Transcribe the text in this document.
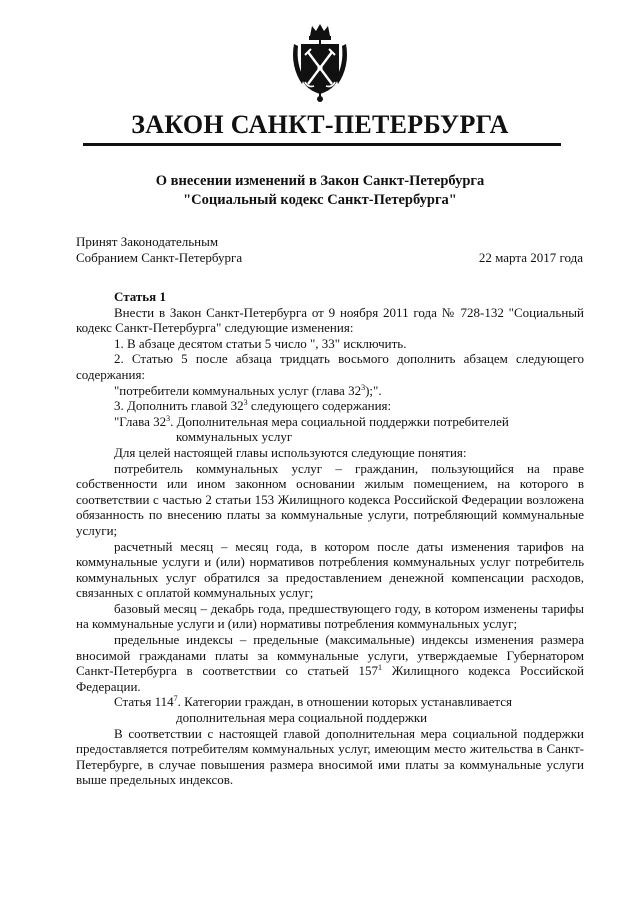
ЗАКОН САНКТ-ПЕТЕРБУРГА
О внесении изменений в Закон Санкт-Петербурга
"Социальный кодекс Санкт-Петербурга"
Принят Законодательным
Собранием Санкт-Петербурга	22 марта 2017 года

Статья 1

Внести в Закон Санкт-Петербурга от 9 ноября 2011 года № 728-132 "Социальный кодекс Санкт-Петербурга" следующие изменения:

1. В абзаце десятом статьи 5 число ", 33" исключить.

2. Статью 5 после абзаца тридцать восьмого дополнить абзацем следующего содержания:

"потребители коммунальных услуг (глава $32^3$);".

3. Дополнить главой $32^3$ следующего содержания:

"Глава $32^3$. Дополнительная мера социальной поддержки потребителей

коммунальных услуг

Для целей настоящей главы используются следующие понятия:

потребитель коммунальных услуг – гражданин, пользующийся на праве собственности или ином законном основании жилым помещением, на которого в соответствии с частью 2 статьи 153 Жилищного кодекса Российской Федерации возложена обязанность по внесению платы за коммунальные услуги, потребляющий коммунальные услуги;

расчетный месяц – месяц года, в котором после даты изменения тарифов на коммунальные услуги и (или) нормативов потребления коммунальных услуг потребитель коммунальных услуг обратился за предоставлением денежной компенсации расходов, связанных с оплатой коммунальных услуг;

базовый месяц – декабрь года, предшествующего году, в котором изменены тарифы на коммунальные услуги и (или) нормативы потребления коммунальных услуг;

предельные индексы – предельные (максимальные) индексы изменения размера вносимой гражданами платы за коммунальные услуги, утверждаемые Губернатором Санкт-Петербурга в соответствии со статьей $157^1$ Жилищного кодекса Российской Федерации.

Статья $114^7$. Категории граждан, в отношении которых устанавливается

дополнительная мера социальной поддержки

В соответствии с настоящей главой дополнительная мера социальной поддержки предоставляется потребителям коммунальных услуг, имеющим место жительства в Санкт-Петербурге, в случае повышения размера вносимой ими платы за коммунальные услуги выше предельных индексов.
